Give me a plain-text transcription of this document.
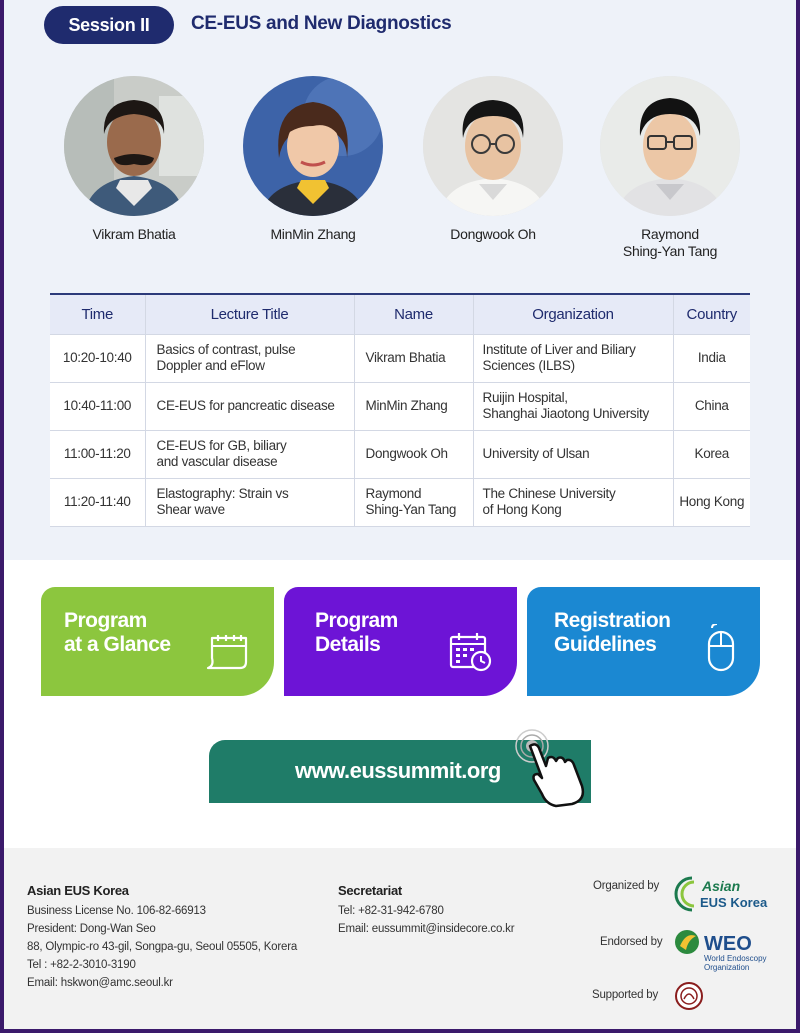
Session II	CE-EUS and New Diagnostics
Vikram Bhatia	MinMin Zhang	Dongwook Oh	Raymond
Shing-Yan Tang
Time	Lecture Title	Name	Organization	Country
10:20-10:40	Basics of contrast, pulse
Doppler and eFlow	Vikram Bhatia	Institute of Liver and Biliary
Sciences (ILBS)	India
10:40-11:00	CE-EUS for pancreatic disease	MinMin Zhang	Ruijin Hospital,
Shanghai Jiaotong University	China
11:00-11:20	CE-EUS for GB, biliary
and vascular disease	Dongwook Oh	University of Ulsan	Korea
11:20-11:40	Elastography: Strain vs
Shear wave	Raymond
Shing-Yan Tang	The Chinese University
of Hong Kong	Hong Kong
Program
at a Glance
Program
Details
Registration
Guidelines
www.eussummit.org
Asian EUS Korea
Business License No. 106-82-66913
President: Dong-Wan Seo
88, Olympic-ro 43-gil, Songpa-gu, Seoul 05505, Korera
Tel : +82-2-3010-3190
Email: hskwon@amc.seoul.kr
Secretariat
Tel: +82-31-942-6780
Email: eussummit@insidecore.co.kr
Organized by	Asian
EUS Korea
Endorsed by WEO
World Endoscopy
Organization
Supported by
